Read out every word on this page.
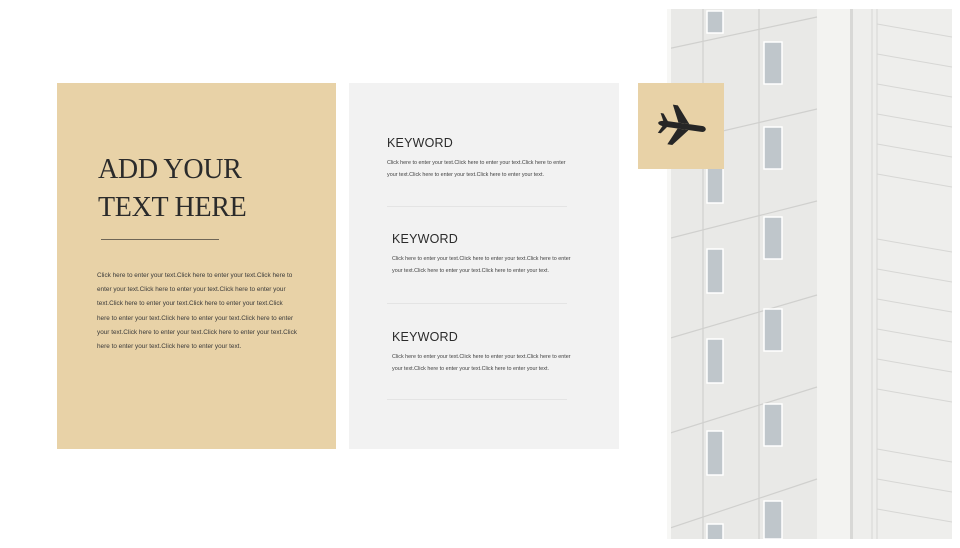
ADD YOUR
TEXT HERE
Click here to enter your text.Click here to enter your text.Click here to enter your text.Click here to enter your text.Click here to enter your text.Click here to enter your text.Click here to enter your text.Click here to enter your text.Click here to enter your text.Click here to enter your text.Click here to enter your text.Click here to enter your text.Click here to enter your text.Click here to enter your text.
KEYWORD
Click here to enter your text.Click here to enter your text.Click here to enter your text.Click here to enter your text.Click here to enter your text.
KEYWORD
Click here to enter your text.Click here to enter your text.Click here to enter your text.Click here to enter your text.Click here to enter your text.
KEYWORD
Click here to enter your text.Click here to enter your text.Click here to enter your text.Click here to enter your text.Click here to enter your text.
